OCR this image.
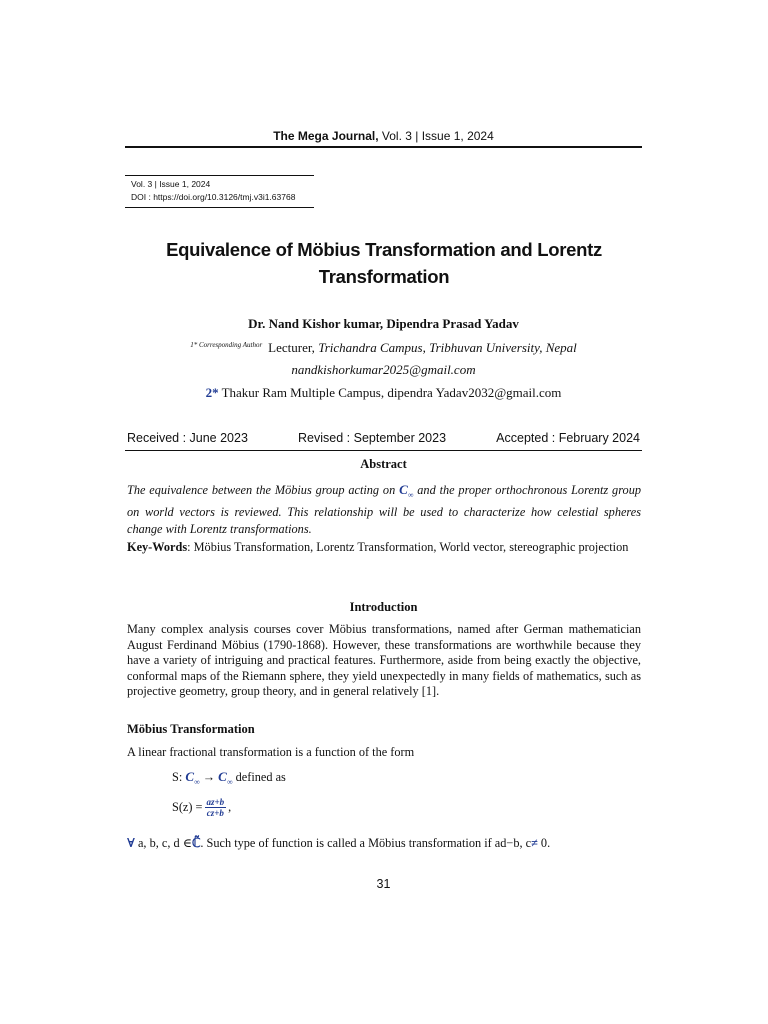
The Mega Journal, Vol. 3 | Issue 1, 2024
Vol. 3 | Issue 1, 2024
DOI : https://doi.org/10.3126/tmj.v3i1.63768
Equivalence of Möbius Transformation and Lorentz Transformation
Dr. Nand Kishor kumar, Dipendra Prasad Yadav
$^{1* Corresponding Author}$ Lecturer, Trichandra Campus, Tribhuvan University, Nepal
nandkishorkumar2025@gmail.com
2* Thakur Ram Multiple Campus, dipendra Yadav2032@gmail.com
Received : June 2023	Revised : September 2023	Accepted : February 2024
Abstract
The equivalence between the Möbius group acting on $C_\infty$ and the proper orthochronous Lorentz group on world vectors is reviewed. This relationship will be used to characterize how celestial spheres change with Lorentz transformations.
Key-Words: Möbius Transformation, Lorentz Transformation, World vector, stereographic projection
Introduction
Many complex analysis courses cover Möbius transformations, named after German mathematician August Ferdinand Möbius (1790-1868). However, these transformations are worthwhile because they have a variety of intriguing and practical features. Furthermore, aside from being exactly the objective, conformal maps of the Riemann sphere, they yield unexpectedly in many fields of mathematics, such as projective geometry, group theory, and in general relatively [1].
Möbius Transformation
A linear fractional transformation is a function of the form
S: $C_\infty \to C_\infty$ defined as
$S(z) = \frac{az+b}{cz+b}$ ,
∀ a, b, c, d ∈ℂ̃. Such type of function is called a Möbius transformation if ad−b, c≠ 0.
31
